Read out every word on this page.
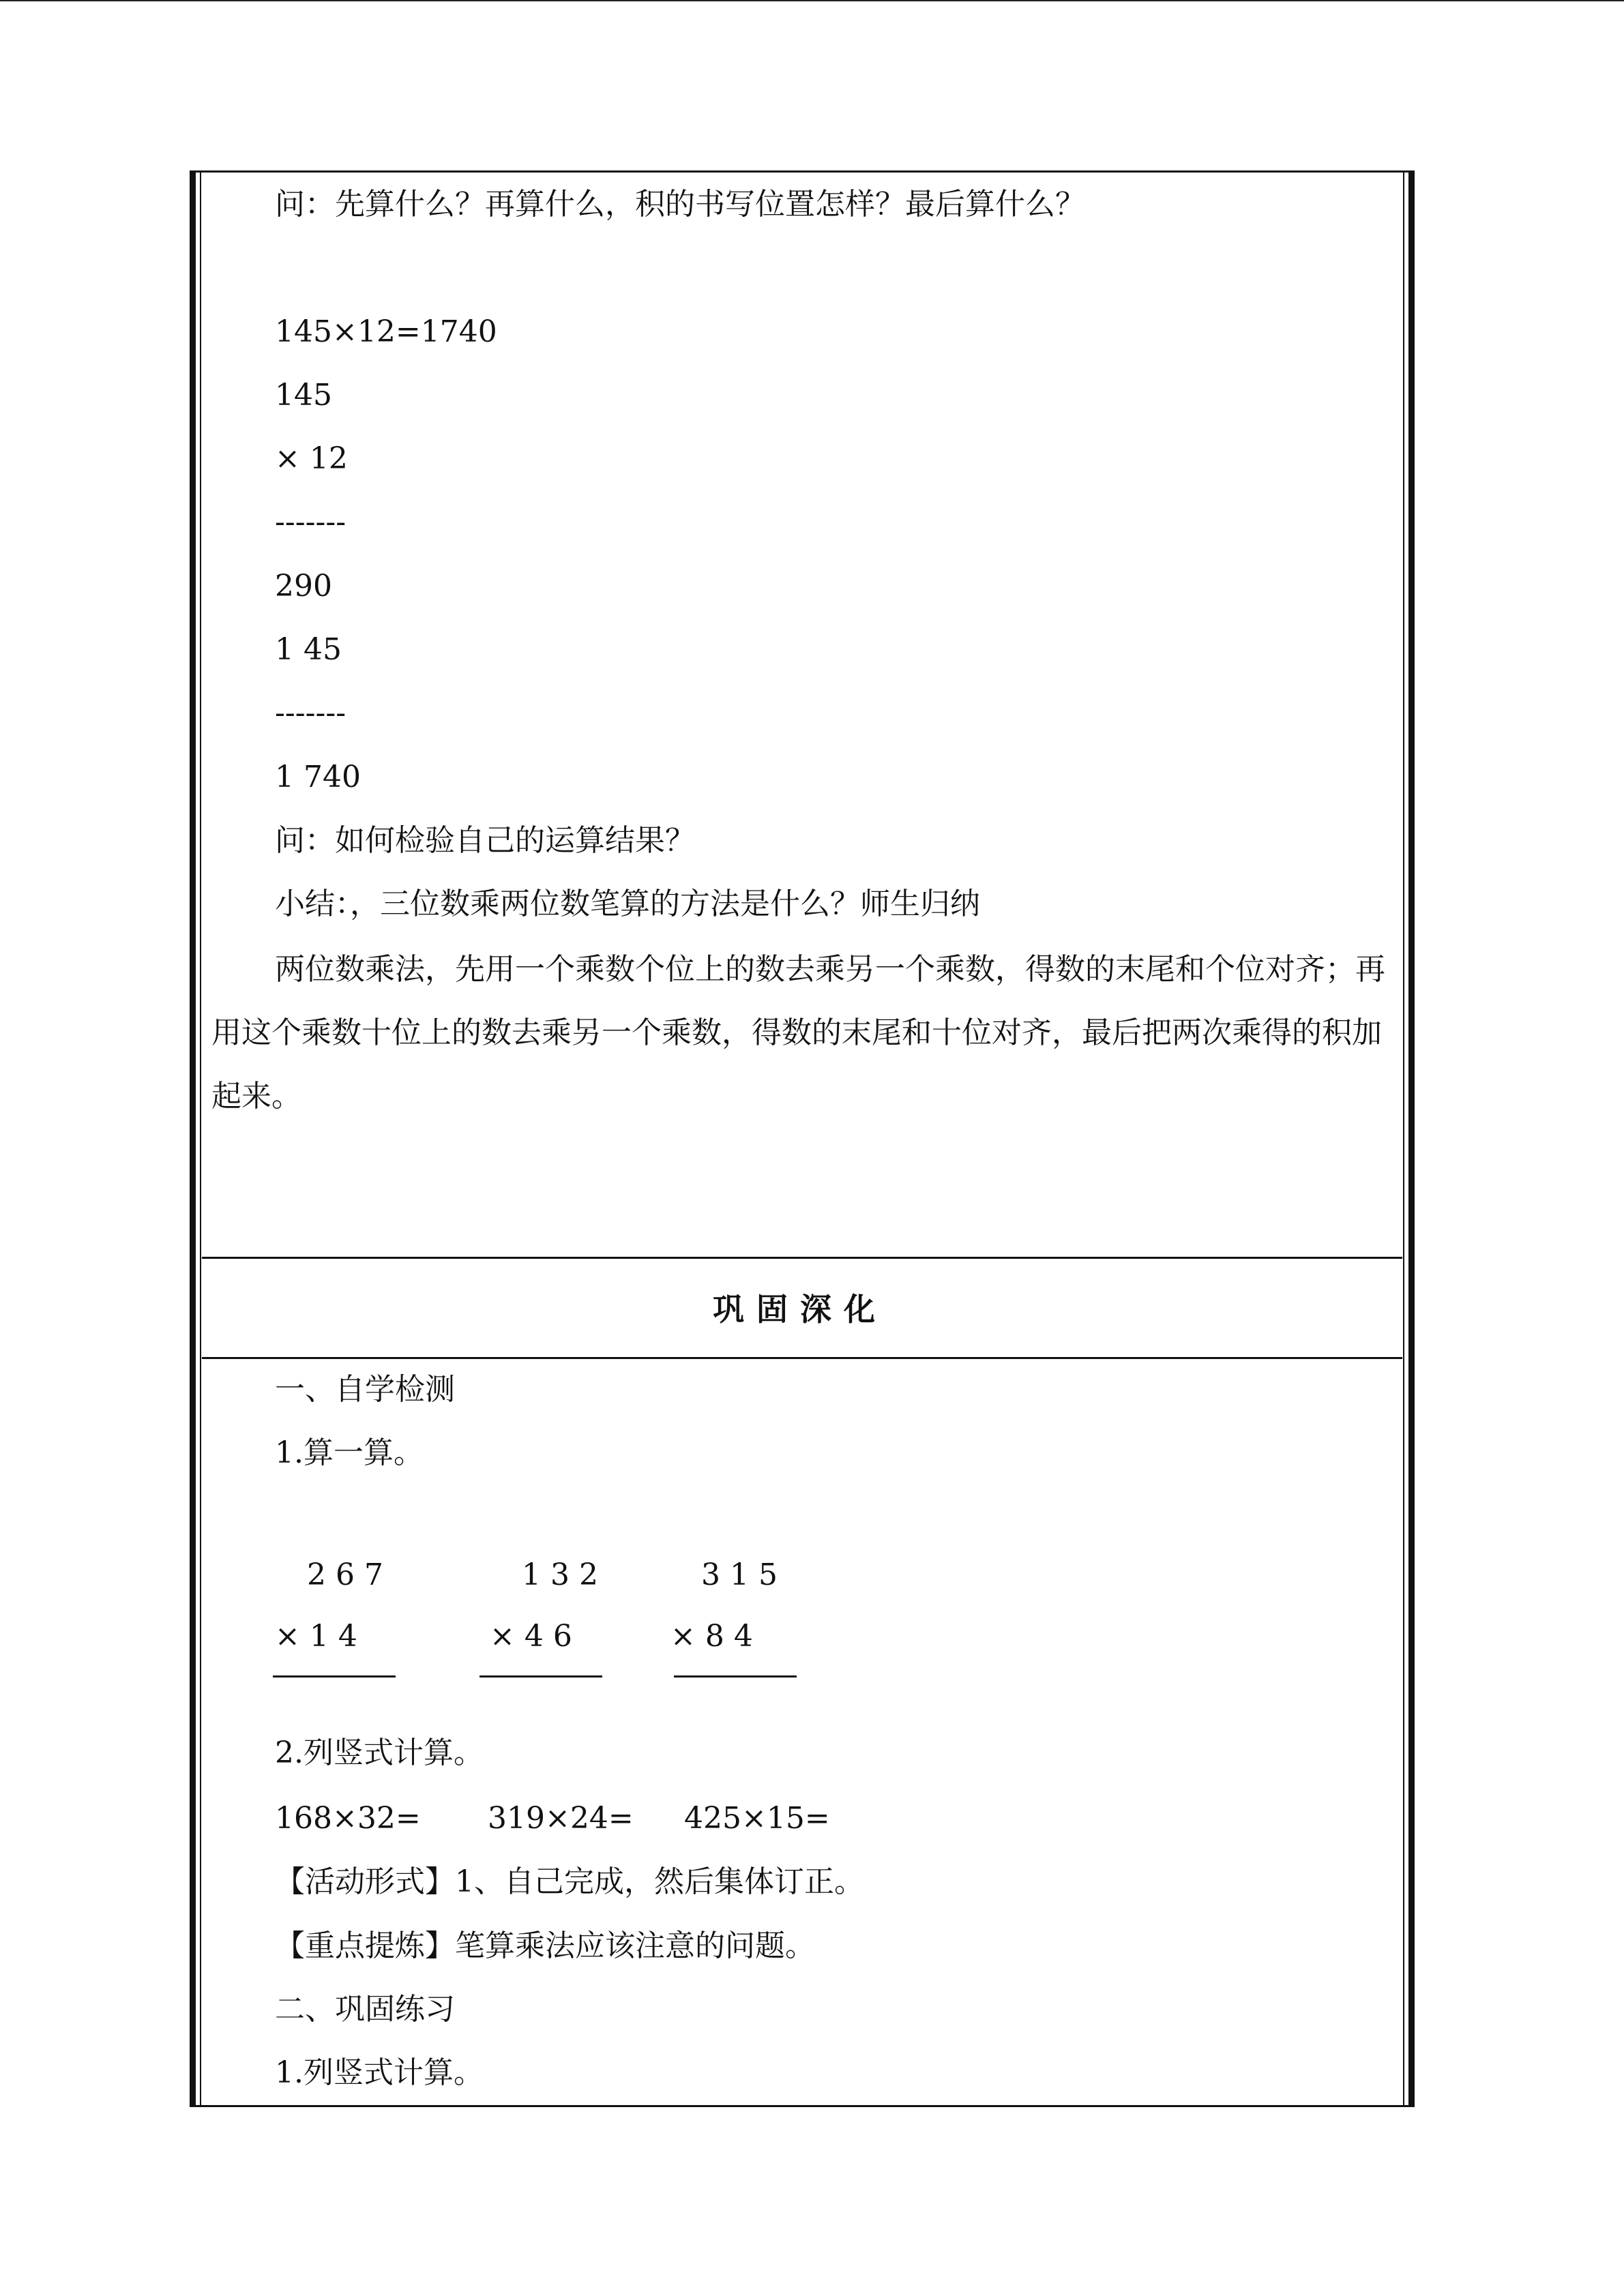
问：先算什么？再算什么，积的书写位置怎样？最后算什么？
145×12=1740
145
× 12
-------
290
1 45
-------
1 740
问：如何检验自己的运算结果？
小结：，三位数乘两位数笔算的方法是什么？师生归纳
两位数乘法，先用一个乘数个位上的数去乘另一个乘数，得数的末尾和个位对齐；再用这个乘数十位上的数去乘另一个乘数，得数的末尾和十位对齐，最后把两次乘得的积加起来。
巩固深化
一、自学检测
1.算一算。
2 6 7
× 1 4
1 3 2
× 4 6
3 1 5
× 8 4
2.列竖式计算。
168×32= 319×24= 425×15=
【活动形式】1、自己完成，然后集体订正。
【重点提炼】笔算乘法应该注意的问题。
二、巩固练习
1.列竖式计算。
